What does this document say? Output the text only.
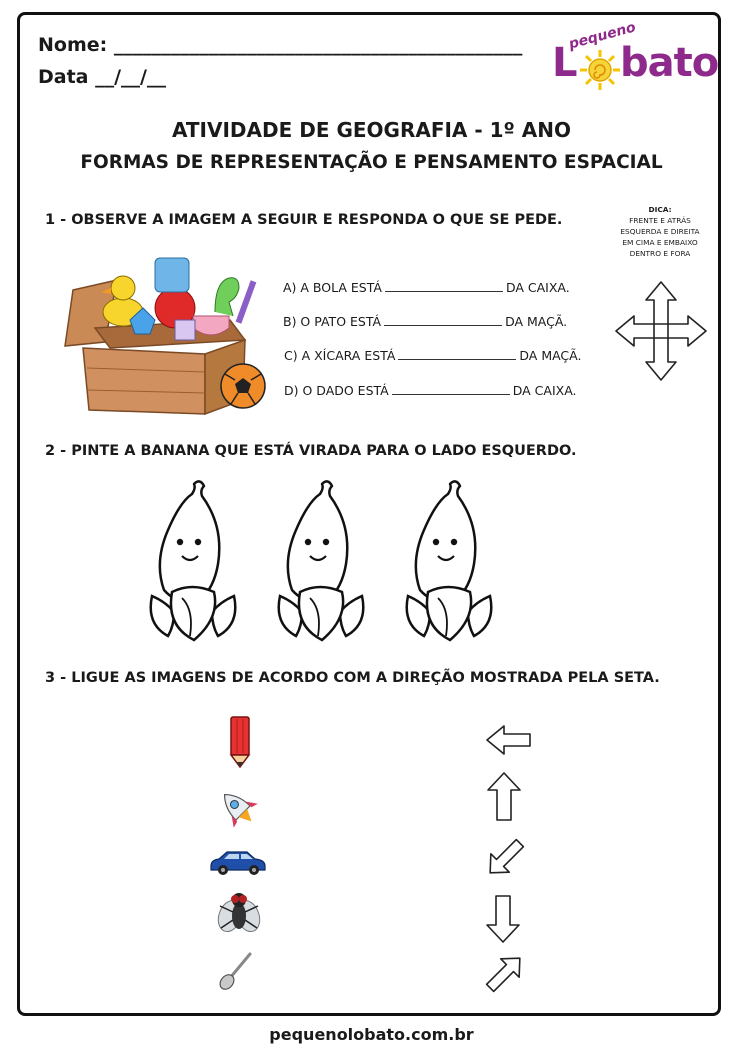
Nome: ___________________________________________
Data __/__/__
pequeno
L bato
ATIVIDADE DE GEOGRAFIA - 1º ANO
FORMAS DE REPRESENTAÇÃO E PENSAMENTO ESPACIAL
1 - OBSERVE A IMAGEM A SEGUIR E RESPONDA O QUE SE PEDE.
DICA:
FRENTE E ATRÁS
ESQUERDA E DIREITA
EM CIMA E EMBAIXO
DENTRO E FORA
A) A BOLA ESTÁ	DA CAIXA.
B) O PATO ESTÁ	DA MAÇÃ.
C) A XÍCARA ESTÁ	DA MAÇÃ.
D) O DADO ESTÁ	DA CAIXA.
2 - PINTE A BANANA QUE ESTÁ VIRADA PARA O LADO ESQUERDO.
3 - LIGUE AS IMAGENS DE ACORDO COM A DIREÇÃO MOSTRADA PELA SETA.
pequenolobato.com.br
